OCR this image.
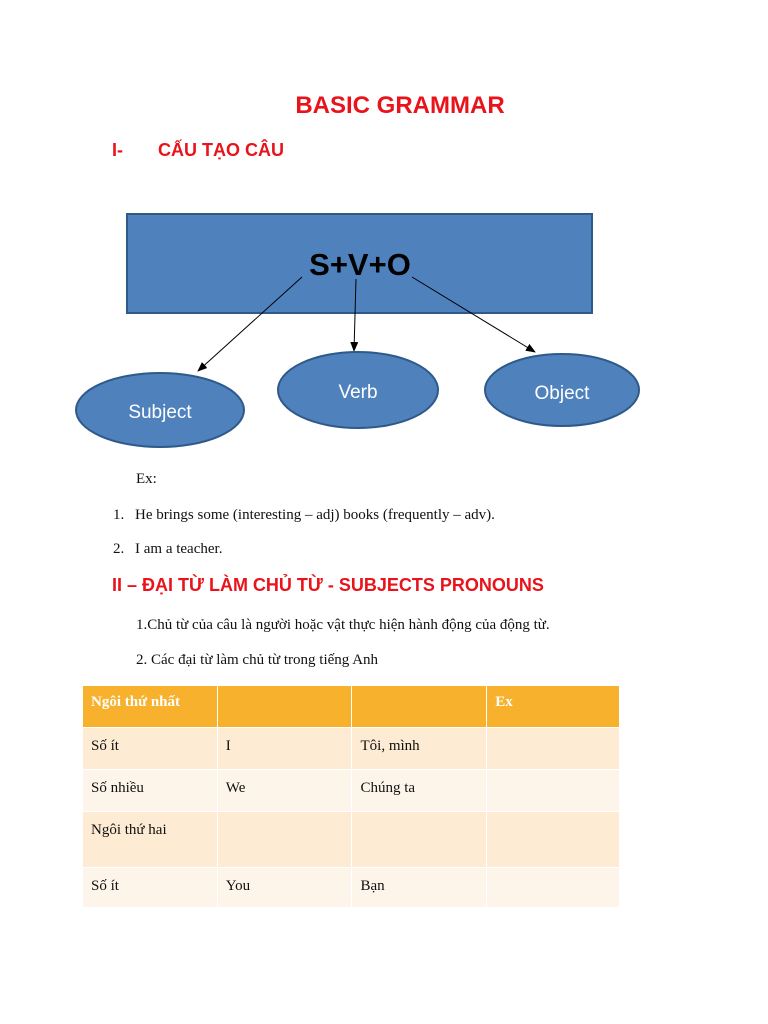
BASIC GRAMMAR
I- CẤU TẠO CÂU
S+V+O
Subject
Verb	Object
Ex:
1. He brings some (interesting – adj) books (frequently – adv).
2. I am a teacher.
II – ĐẠI TỪ LÀM CHỦ TỪ - SUBJECTS PRONOUNS
1.Chủ từ của câu là người hoặc vật thực hiện hành động của động từ.
2. Các đại từ làm chủ từ trong tiếng Anh
Ngôi thứ nhất			Ex
Số ít	I	Tôi, mình	
Số nhiều	We	Chúng ta	
Ngôi thứ hai			
Số ít	You	Bạn	
